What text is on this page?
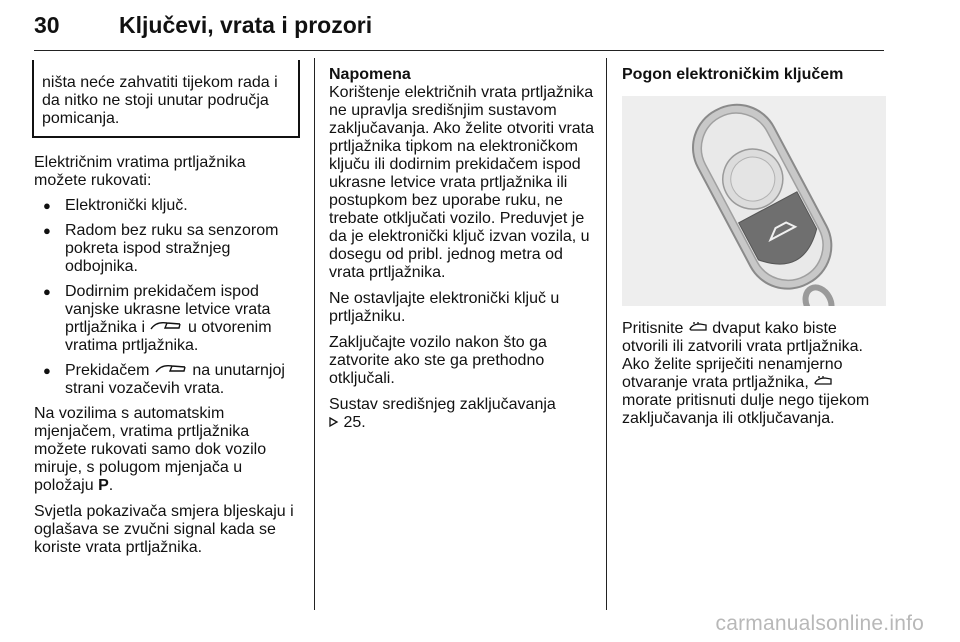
30	Ključevi, vrata i prozori
ništa neće zahvatiti tijekom rada i da nitko ne stoji unutar područja pomicanja.

Električnim vratima prtljažnika možete rukovati:

● Elektronički ključ.
● Radom bez ruku sa senzorom pokreta ispod stražnjeg odbojnika.
● Dodirnim prekidačem ispod vanjske ukrasne letvice vrata prtljažnika i	u otvorenim vratima prtljažnika.
● Prekidačem	na unutarnjoj strani vozačevih vrata.

Na vozilima s automatskim mjenjačem, vratima prtljažnika možete rukovati samo dok vozilo miruje, s polugom mjenjača u položaju P.

Svjetla pokazivača smjera bljeskaju i oglašava se zvučni signal kada se koriste vrata prtljažnika.

Napomena

Korištenje električnih vrata prtljažnika ne upravlja središnjim sustavom zaključavanja. Ako želite otvoriti vrata prtljažnika tipkom na elektroničkom ključu ili dodirnim prekidačem ispod ukrasne letvice vrata prtljažnika ili postupkom bez uporabe ruku, ne trebate otključati vozilo. Preduvjet je da je elektronički ključ izvan vozila, u dosegu od pribl. jednog metra od vrata prtljažnika.

Ne ostavljajte elektronički ključ u prtljažniku.

Zaključajte vozilo nakon što ga zatvorite ako ste ga prethodno otključali.

Sustav središnjeg zaključavanja
25.

Pogon elektroničkim ključem

Pritisnite dvaput kako biste otvorili ili zatvorili vrata prtljažnika. Ako želite spriječiti nenamjerno otvaranje vrata prtljažnika,  morate pritisnuti dulje nego tijekom zaključavanja ili otključavanja.

carmanualsonline.info
